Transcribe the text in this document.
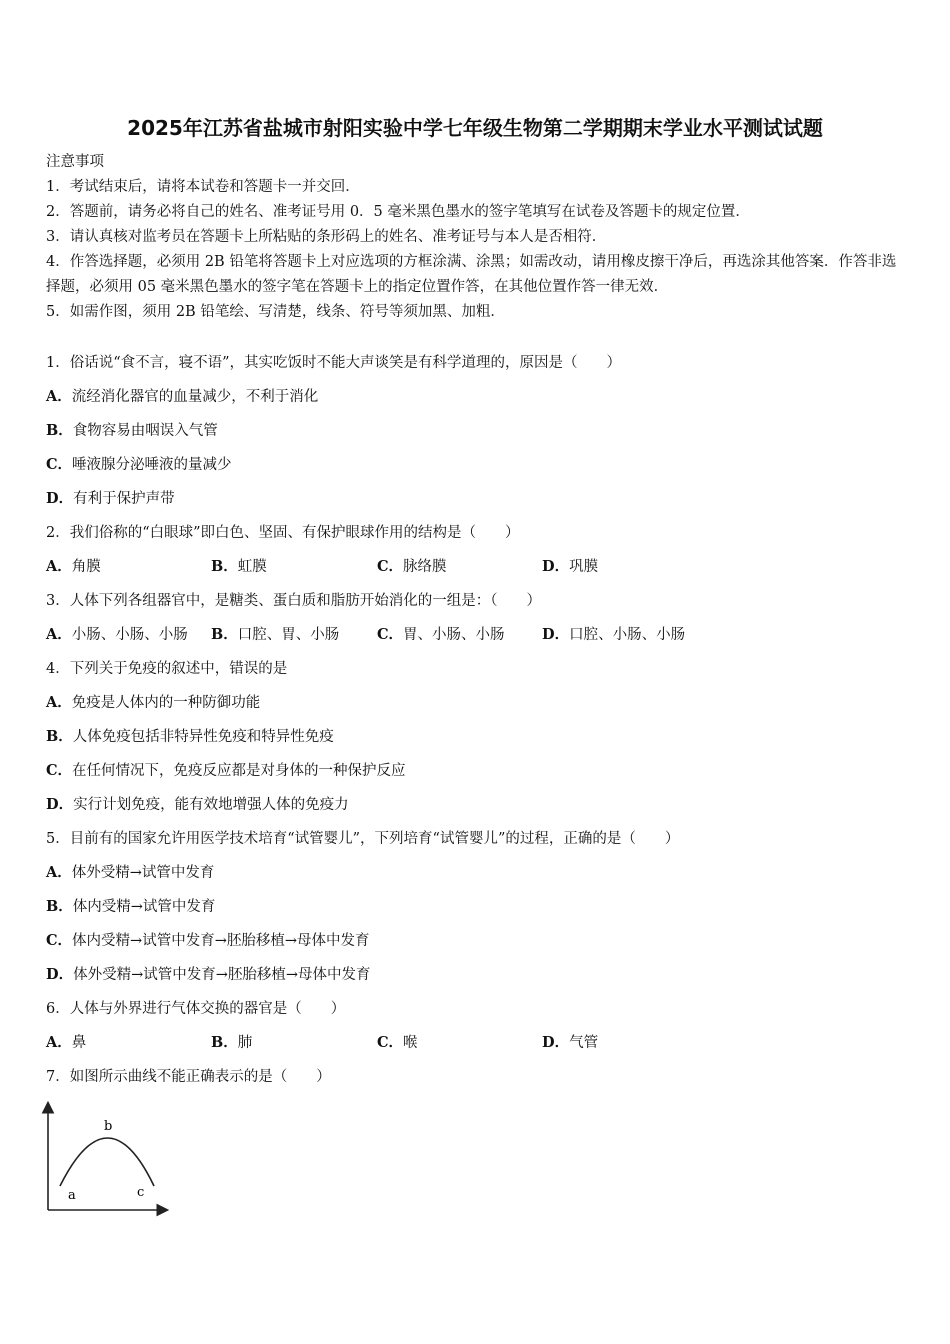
2025年江苏省盐城市射阳实验中学七年级生物第二学期期末学业水平测试试题
注意事项
1．考试结束后，请将本试卷和答题卡一并交回．
2．答题前，请务必将自己的姓名、准考证号用 0．5 毫米黑色墨水的签字笔填写在试卷及答题卡的规定位置．
3．请认真核对监考员在答题卡上所粘贴的条形码上的姓名、准考证号与本人是否相符．
4．作答选择题，必须用 2B 铅笔将答题卡上对应选项的方框涂满、涂黑；如需改动，请用橡皮擦干净后，再选涂其他答案．作答非选择题，必须用 05 毫米黑色墨水的签字笔在答题卡上的指定位置作答，在其他位置作答一律无效．
5．如需作图，须用 2B 铅笔绘、写清楚，线条、符号等须加黑、加粗．
1．俗话说“食不言，寝不语”，其实吃饭时不能大声谈笑是有科学道理的，原因是（　　）
A．流经消化器官的血量减少，不利于消化
B．食物容易由咽误入气管
C．唾液腺分泌唾液的量减少
D．有利于保护声带
2．我们俗称的“白眼球”即白色、坚固、有保护眼球作用的结构是（　　）
A．角膜	B．虹膜	C．脉络膜	D．巩膜
3．人体下列各组器官中，是糖类、蛋白质和脂肪开始消化的一组是：（　　）
A．小肠、小肠、小肠 B．口腔、胃、小肠	C．胃、小肠、小肠	D．口腔、小肠、小肠
4．下列关于免疫的叙述中，错误的是
A．免疫是人体内的一种防御功能
B．人体免疫包括非特异性免疫和特异性免疫
C．在任何情况下，免疫反应都是对身体的一种保护反应
D．实行计划免疫，能有效地增强人体的免疫力
5．目前有的国家允许用医学技术培育“试管婴儿”，下列培育“试管婴儿”的过程，正确的是（　　）
A．体外受精→试管中发育
B．体内受精→试管中发育
C．体内受精→试管中发育→胚胎移植→母体中发育
D．体外受精→试管中发育→胚胎移植→母体中发育
6．人体与外界进行气体交换的器官是（　　）
A．鼻	B．肺	C．喉	D．气管
7．如图所示曲线不能正确表示的是（　　）
a
b
c
